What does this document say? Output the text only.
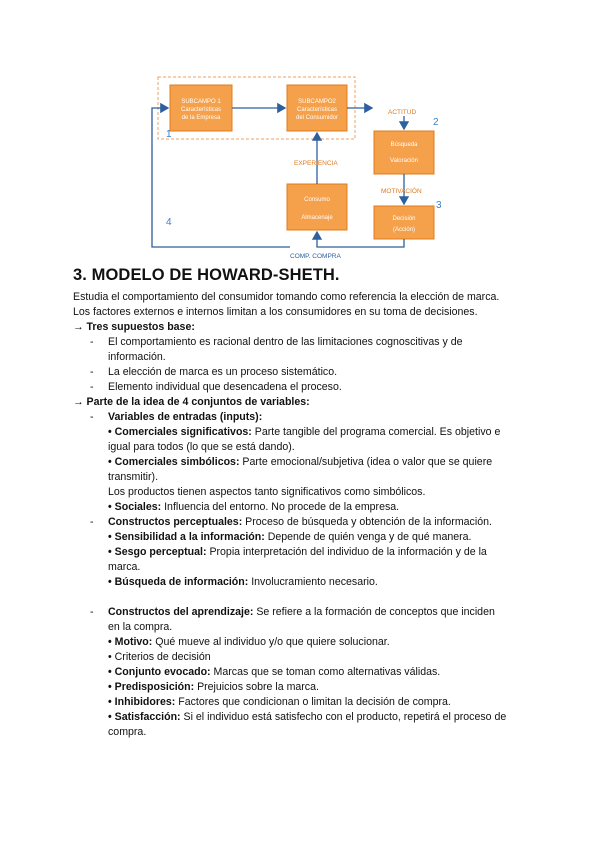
SUBCAMPO 1
Características
de la Empresa
SUBCAMPO2
Características
del Consumidor
Búsqueda
Valoración
Consumo
Almacenaje	Decisión
(Acción)
ACTITUD
EXPERIENCIA
MOTIVACIÓN
COMP. COMPRA
1
2
3
4
3. MODELO DE HOWARD-SHETH.

Estudia el comportamiento del consumidor tomando como referencia la elección de marca.

Los factores externos e internos limitan a los consumidores en su toma de decisiones.

→ Tres supuestos base:

- El comportamiento es racional dentro de las limitaciones cognoscitivas y de
información.
- La elección de marca es un proceso sistemático.
- Elemento individual que desencadena el proceso.

→ Parte de la idea de 4 conjuntos de variables:

- Variables de entradas (inputs):
• Comerciales significativos: Parte tangible del programa comercial. Es objetivo e
igual para todos (lo que se está dando).
• Comerciales simbólicos: Parte emocional/subjetiva (idea o valor que se quiere
transmitir).
Los productos tienen aspectos tanto significativos como simbólicos.
• Sociales: Influencia del entorno. No procede de la empresa.
- Constructos perceptuales: Proceso de búsqueda y obtención de la información.
• Sensibilidad a la información: Depende de quién venga y de qué manera.
• Sesgo perceptual: Propia interpretación del individuo de la información y de la
marca.
• Búsqueda de información: Involucramiento necesario.
- Constructos del aprendizaje: Se refiere a la formación de conceptos que inciden
en la compra.
• Motivo: Qué mueve al individuo y/o que quiere solucionar.
• Criterios de decisión
• Conjunto evocado: Marcas que se toman como alternativas válidas.
• Predisposición: Prejuicios sobre la marca.
• Inhibidores: Factores que condicionan o limitan la decisión de compra.
• Satisfacción: Si el individuo está satisfecho con el producto, repetirá el proceso de
compra.
